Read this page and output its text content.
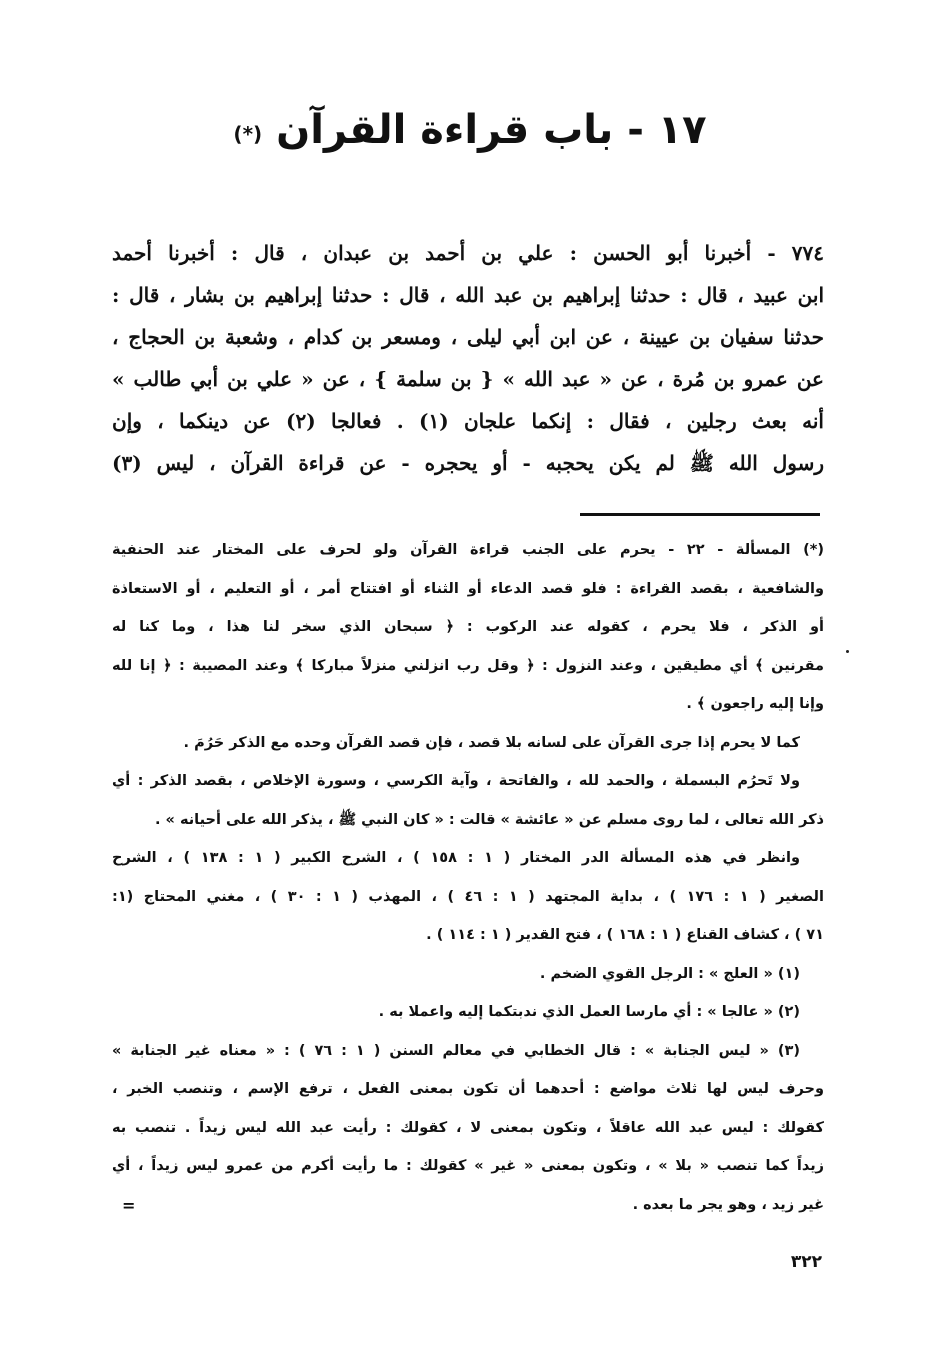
١٧ - باب قراءة القرآن (*)
٧٧٤ - أخبرنا أبو الحسن : علي بن أحمد بن عبدان ، قال : أخبرنا أحمد
ابن عبيد ، قال : حدثنا إبراهيم بن عبد الله ، قال : حدثنا إبراهيم بن بشار ، قال :
حدثنا سفيان بن عيينة ، عن ابن أبي ليلى ، ومسعر بن كدام ، وشعبة بن الحجاج ،
عن عمرو بن مُرة ، عن « عبد الله » { بن سلمة } ، عن « علي بن أبي طالب »
أنه بعث رجلين ، فقال : إنكما علجان (١) . فعالجا (٢) عن دينكما ، وإن
رسول الله ﷺ لم يكن يحجبه - أو يحجره - عن قراءة القرآن ، ليس (٣)
(*) المسألة - ٢٢ - يحرم على الجنب قراءة القرآن ولو لحرف على المختار عند الحنفية
والشافعية ، بقصد القراءة : فلو قصد الدعاء أو الثناء أو افتتاح أمر ، أو التعليم ، أو الاستعاذة
أو الذكر ، فلا يحرم ، كقوله عند الركوب : ﴿ سبحان الذي سخر لنا هذا ، وما كنا له
مقرنين ﴾ أي مطيقين ، وعند النزول : ﴿ وقل رب انزلني منزلاً مباركا ﴾ وعند المصيبة : ﴿ إنا لله
وإنا إليه راجعون ﴾ .
كما لا يحرم إذا جرى القرآن على لسانه بلا قصد ، فإن قصد القرآن وحده مع الذكر حَرُمَ .
ولا تَحرُم البسملة ، والحمد لله ، والفاتحة ، وآية الكرسي ، وسورة الإخلاص ، بقصد الذكر : أي
ذكر الله تعالى ، لما روى مسلم عن « عائشة » قالت : « كان النبي ﷺ ، يذكر الله على أحيانه » .
وانظر في هذه المسألة الدر المختار ( ١ : ١٥٨ ) ، الشرح الكبير ( ١ : ١٣٨ ) ، الشرح
الصغير ( ١ : ١٧٦ ) ، بداية المجتهد ( ١ : ٤٦ ) ، المهذب ( ١ : ٣٠ ) ، مغني المحتاج (١:
٧١ ) ، كشاف القناع ( ١ : ١٦٨ ) ، فتح القدير ( ١ : ١١٤ ) .
(١) « العلج » : الرجل القوي الضخم .
(٢) « عالجا » : أي مارسا العمل الذي ندبتكما إليه واعملا به .
(٣) « ليس الجنابة » : قال الخطابي في معالم السنن ( ١ : ٧٦ ) : « معناه غير الجنابة »
وحرف ليس لها ثلاث مواضع : أحدهما أن تكون بمعنى الفعل ، ترفع الإسم ، وتنصب الخبر ،
كقولك : ليس عبد الله عاقلاً ، وتكون بمعنى لا ، كقولك : رأيت عبد الله ليس زيداً . تنصب به
زيداً كما تنصب « بلا » ، وتكون بمعنى « غير » كقولك : ما رأيت أكرم من عمرو ليس زيداً ، أي
غير زيد ، وهو يجر ما بعده .
=
٣٢٢
